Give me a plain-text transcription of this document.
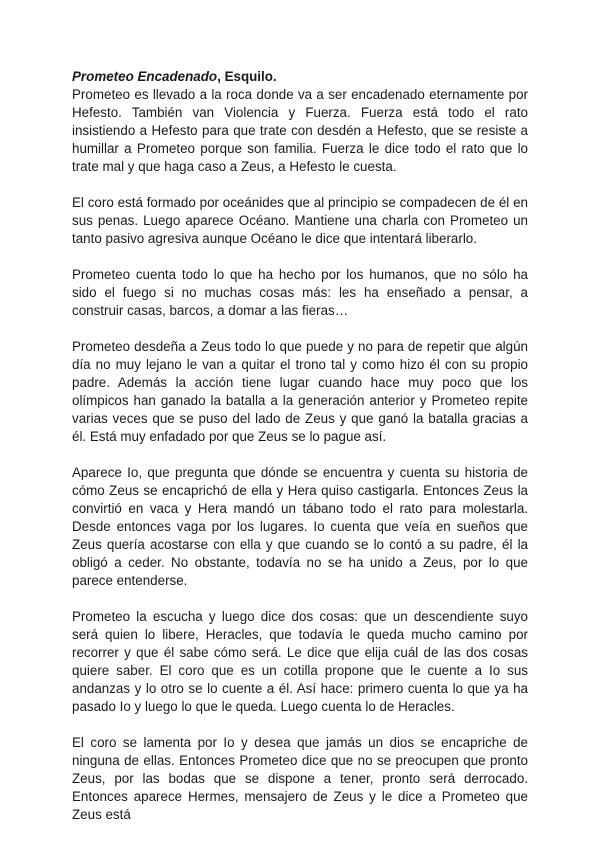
Prometeo Encadenado, Esquilo.

Prometeo es llevado a la roca donde va a ser encadenado eternamente por Hefesto. También van Violencia y Fuerza. Fuerza está todo el rato insistiendo a Hefesto para que trate con desdén a Hefesto, que se resiste a humillar a Prometeo porque son familia. Fuerza le dice todo el rato que lo trate mal y que haga caso a Zeus, a Hefesto le cuesta.

El coro está formado por oceánides que al principio se compadecen de él en sus penas. Luego aparece Océano. Mantiene una charla con Prometeo un tanto pasivo agresiva aunque Océano le dice que intentará liberarlo.

Prometeo cuenta todo lo que ha hecho por los humanos, que no sólo ha sido el fuego si no muchas cosas más: les ha enseñado a pensar, a construir casas, barcos, a domar a las fieras…

Prometeo desdeña a Zeus todo lo que puede y no para de repetir que algún día no muy lejano le van a quitar el trono tal y como hizo él con su propio padre. Además la acción tiene lugar cuando hace muy poco que los olímpicos han ganado la batalla a la generación anterior y Prometeo repite varias veces que se puso del lado de Zeus y que ganó la batalla gracias a él. Está muy enfadado por que Zeus se lo pague así.

Aparece Io, que pregunta que dónde se encuentra y cuenta su historia de cómo Zeus se encaprichó de ella y Hera quiso castigarla. Entonces Zeus la convirtió en vaca y Hera mandó un tábano todo el rato para molestarla. Desde entonces vaga por los lugares. Io cuenta que veía en sueños que Zeus quería acostarse con ella y que cuando se lo contó a su padre, él la obligó a ceder. No obstante, todavía no se ha unido a Zeus, por lo que parece entenderse.

Prometeo la escucha y luego dice dos cosas: que un descendiente suyo será quien lo libere, Heracles, que todavía le queda mucho camino por recorrer y que él sabe cómo será. Le dice que elija cuál de las dos cosas quiere saber. El coro que es un cotilla propone que le cuente a Io sus andanzas y lo otro se lo cuente a él. Así hace: primero cuenta lo que ya ha pasado Io y luego lo que le queda. Luego cuenta lo de Heracles.

El coro se lamenta por Io y desea que jamás un dios se encapriche de ninguna de ellas. Entonces Prometeo dice que no se preocupen que pronto Zeus, por las bodas que se dispone a tener, pronto será derrocado. Entonces aparece Hermes, mensajero de Zeus y le dice a Prometeo que Zeus está
